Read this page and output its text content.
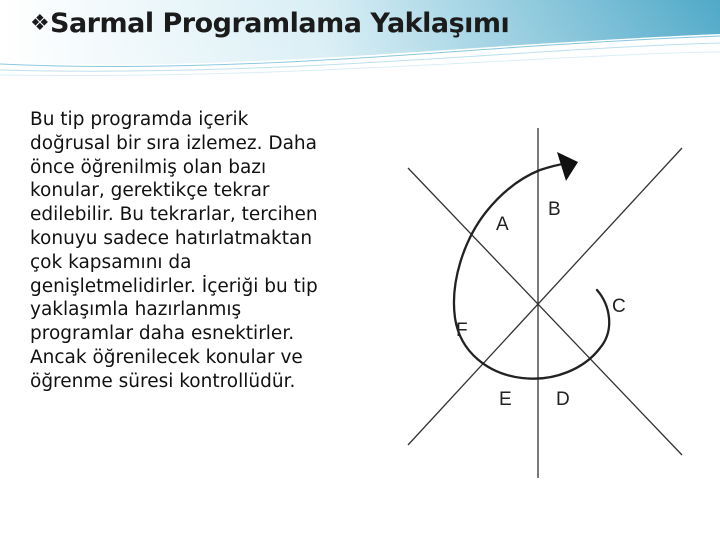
❖Sarmal Programlama Yaklaşımı
Bu tip programda içerik
doğrusal bir sıra izlemez. Daha
önce öğrenilmiş olan bazı
konular, gerektikçe tekrar
edilebilir. Bu tekrarlar, tercihen
konuyu sadece hatırlatmaktan
çok kapsamını da
genişletmelidirler. İçeriği bu tip
yaklaşımla hazırlanmış
programlar daha esnektirler.
Ancak öğrenilecek konular ve
öğrenme süresi kontrollüdür.
A
B
C
D
E
F
